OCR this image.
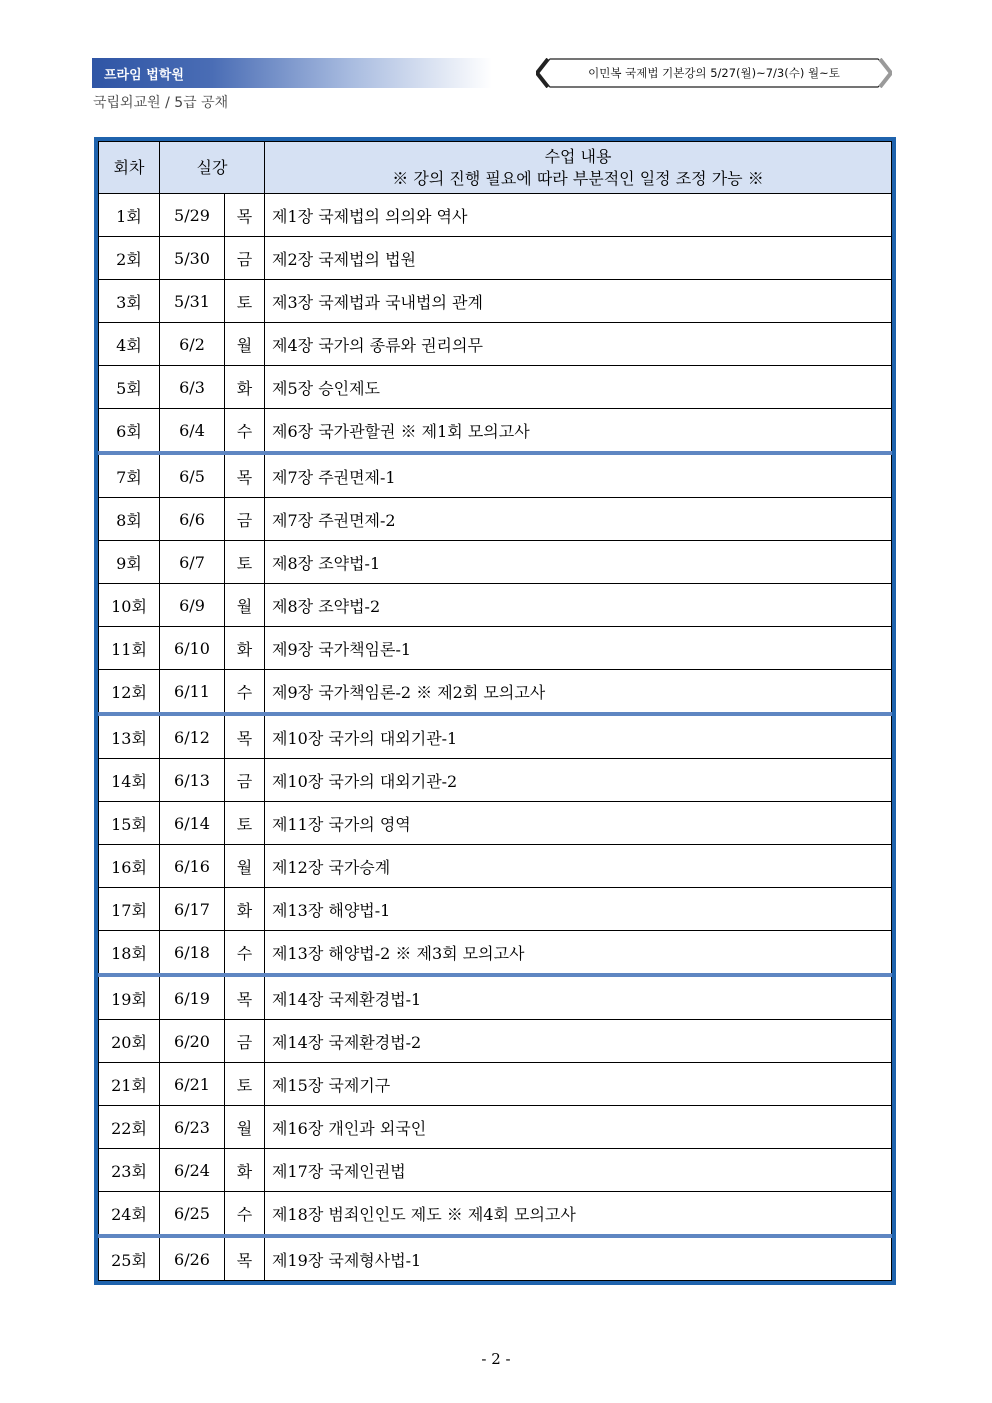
프라임 법학원
국립외교원 / 5급 공채
이민복 국제법 기본강의 5/27(월)~7/3(수) 월~토
회차	실강		수업 내용
※ 강의 진행 필요에 따라 부분적인 일정 조정 가능 ※

1회	5/29	목	제1장 국제법의 의의와 역사
2회	5/30	금	제2장 국제법의 법원
3회	5/31	토	제3장 국제법과 국내법의 관계
4회	6/2	월	제4장 국가의 종류와 권리의무
5회	6/3	화	제5장 승인제도
6회	6/4	수	제6장 국가관할권 ※ 제1회 모의고사
7회	6/5	목	제7장 주권면제-1
8회	6/6	금	제7장 주권면제-2
9회	6/7	토	제8장 조약법-1
10회	6/9	월	제8장 조약법-2
11회	6/10	화	제9장 국가책임론-1
12회	6/11	수	제9장 국가책임론-2 ※ 제2회 모의고사
13회	6/12	목	제10장 국가의 대외기관-1
14회	6/13	금	제10장 국가의 대외기관-2
15회	6/14	토	제11장 국가의 영역
16회	6/16	월	제12장 국가승계
17회	6/17	화	제13장 해양법-1
18회	6/18	수	제13장 해양법-2 ※ 제3회 모의고사
19회	6/19	목	제14장 국제환경법-1
20회	6/20	금	제14장 국제환경법-2
21회	6/21	토	제15장 국제기구
22회	6/23	월	제16장 개인과 외국인
23회	6/24	화	제17장 국제인권법
24회	6/25	수	제18장 범죄인인도 제도 ※ 제4회 모의고사
25회	6/26	목	제19장 국제형사법-1
- 2 -
